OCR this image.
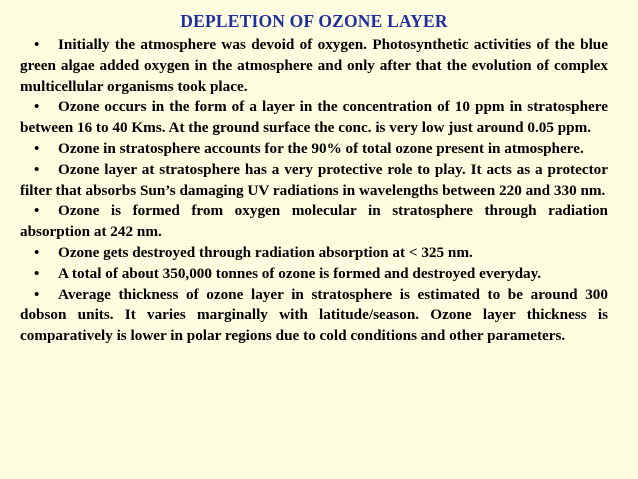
DEPLETION OF OZONE LAYER
• Initially the atmosphere was devoid of oxygen. Photosynthetic activities of the blue green algae added oxygen in the atmosphere and only after that the evolution of complex multicellular organisms took place.
• Ozone occurs in the form of a layer in the concentration of 10 ppm in stratosphere between 16 to 40 Kms. At the ground surface the conc. is very low just around 0.05 ppm.
• Ozone in stratosphere accounts for the 90% of total ozone present in atmosphere.
• Ozone layer at stratosphere has a very protective role to play. It acts as a protector filter that absorbs Sun’s damaging UV radiations in wavelengths between 220 and 330 nm.
• Ozone is formed from oxygen molecular in stratosphere through radiation absorption at 242 nm.
• Ozone gets destroyed through radiation absorption at < 325 nm.
• A total of about 350,000 tonnes of ozone is formed and destroyed everyday.
• Average thickness of ozone layer in stratosphere is estimated to be around 300 dobson units. It varies marginally with latitude/season. Ozone layer thickness is comparatively is lower in polar regions due to cold conditions and other parameters.
